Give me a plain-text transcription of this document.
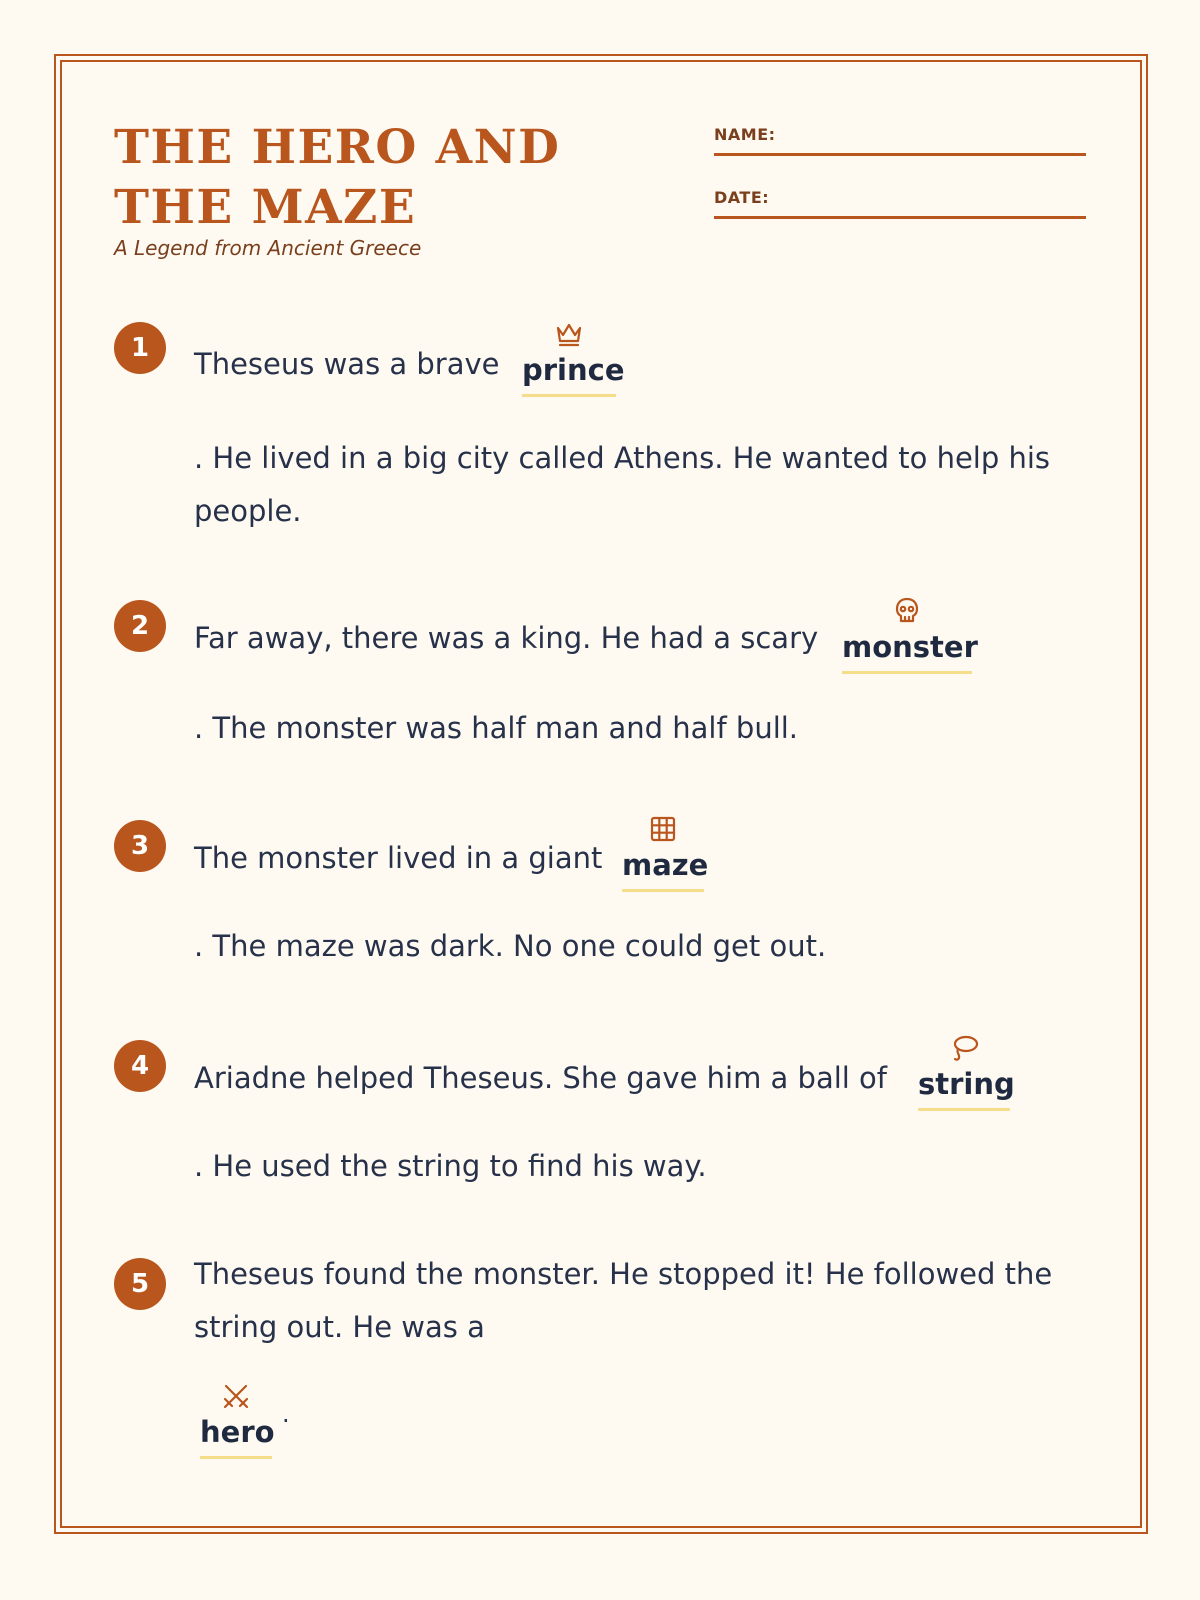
THE HERO AND THE MAZE
A Legend from Ancient Greece
NAME:
DATE:
1	Theseus was a brave prince
. He lived in a big city called Athens. He wanted to help his
people.
2	Far away, there was a king. He had a scary monster
. The monster was half man and half bull.
3	The monster lived in a giant maze
. The maze was dark. No one could get out.
4	Ariadne helped Theseus. She gave him a ball of string
. He used the string to find his way.
5	Theseus found the monster. He stopped it! He followed the
string out. He was a
hero
.
